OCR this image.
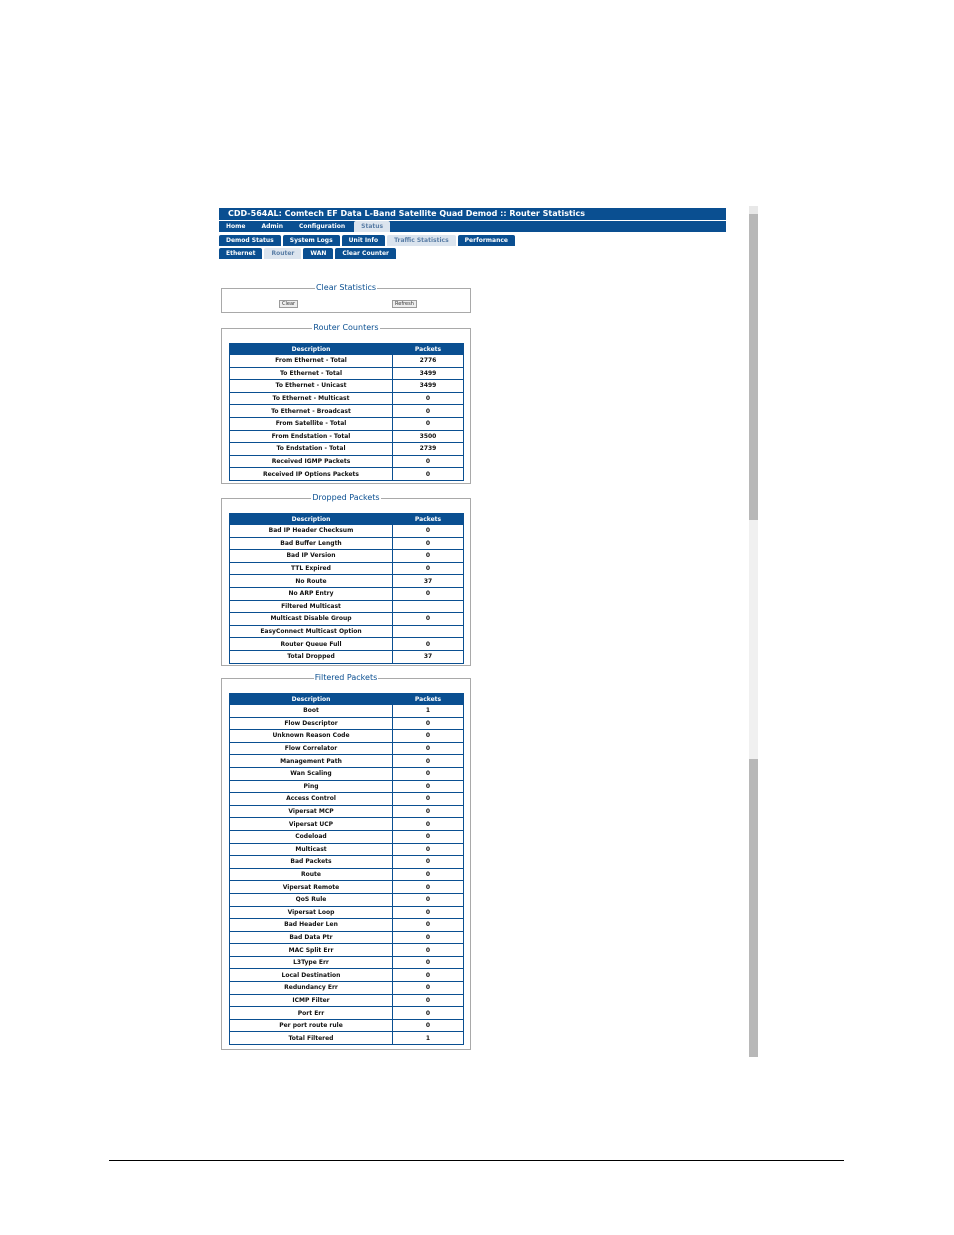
CDD-564AL: Comtech EF Data L-Band Satellite Quad Demod :: Router Statistics
Home	Admin	Configuration	Status
Demod Status	System Logs	Unit Info	Traffic Statistics	Performance
Ethernet	Router	WAN	Clear Counter
Clear Statistics
Clear	Refresh
Router Counters
Description	Packets
From Ethernet - Total	2776
To Ethernet - Total	3499
To Ethernet - Unicast	3499
To Ethernet - Multicast	0
To Ethernet - Broadcast	0
From Satellite - Total	0
From Endstation - Total	3500
To Endstation - Total	2739
Received IGMP Packets	0
Received IP Options Packets	0
Dropped Packets
Description	Packets
Bad IP Header Checksum	0
Bad Buffer Length	0
Bad IP Version	0
TTL Expired	0
No Route	37
No ARP Entry	0
Filtered Multicast	
Multicast Disable Group	0
EasyConnect Multicast Option	
Router Queue Full	0
Total Dropped	37
Filtered Packets
Description	Packets
Boot	1
Flow Descriptor	0
Unknown Reason Code	0
Flow Correlator	0
Management Path	0
Wan Scaling	0
Ping	0
Access Control	0
Vipersat MCP	0
Vipersat UCP	0
Codeload	0
Multicast	0
Bad Packets	0
Route	0
Vipersat Remote	0
QoS Rule	0
Vipersat Loop	0
Bad Header Len	0
Bad Data Ptr	0
MAC Split Err	0
L3Type Err	0
Local Destination	0
Redundancy Err	0
ICMP Filter	0
Port Err	0
Per port route rule	0
Total Filtered	1
